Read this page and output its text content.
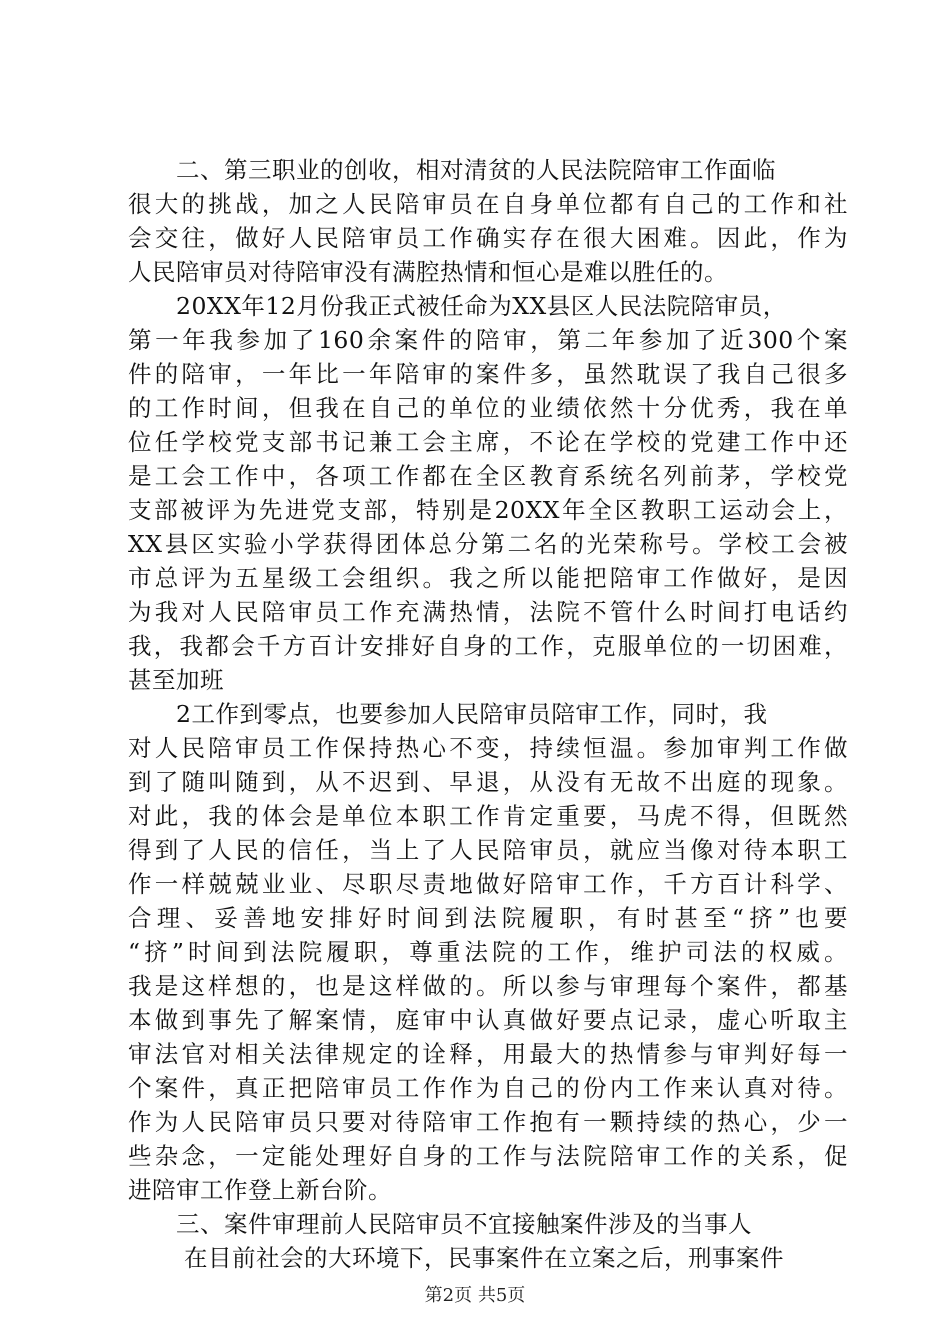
二、第三职业的创收，相对清贫的人民法院陪审工作面临
很大的挑战，加之人民陪审员在自身单位都有自己的工作和社
会交往，做好人民陪审员工作确实存在很大困难。因此，作为
人民陪审员对待陪审没有满腔热情和恒心是难以胜任的。
20XX年12月份我正式被任命为XX县区人民法院陪审员，
第一年我参加了160余案件的陪审，第二年参加了近300个案
件的陪审，一年比一年陪审的案件多，虽然耽误了我自己很多
的工作时间，但我在自己的单位的业绩依然十分优秀，我在单
位任学校党支部书记兼工会主席，不论在学校的党建工作中还
是工会工作中，各项工作都在全区教育系统名列前茅，学校党
支部被评为先进党支部，特别是20XX年全区教职工运动会上，
XX县区实验小学获得团体总分第二名的光荣称号。学校工会被
市总评为五星级工会组织。我之所以能把陪审工作做好，是因
为我对人民陪审员工作充满热情，法院不管什么时间打电话约
我，我都会千方百计安排好自身的工作，克服单位的一切困难，
甚至加班
2工作到零点，也要参加人民陪审员陪审工作，同时，我
对人民陪审员工作保持热心不变，持续恒温。参加审判工作做
到了随叫随到，从不迟到、早退，从没有无故不出庭的现象。
对此，我的体会是单位本职工作肯定重要，马虎不得，但既然
得到了人民的信任，当上了人民陪审员，就应当像对待本职工
作一样兢兢业业、尽职尽责地做好陪审工作，千方百计科学、
合理、妥善地安排好时间到法院履职，有时甚至“挤”也要
“挤”时间到法院履职，尊重法院的工作，维护司法的权威。
我是这样想的，也是这样做的。所以参与审理每个案件，都基
本做到事先了解案情，庭审中认真做好要点记录，虚心听取主
审法官对相关法律规定的诠释，用最大的热情参与审判好每一
个案件，真正把陪审员工作作为自己的份内工作来认真对待。
作为人民陪审员只要对待陪审工作抱有一颗持续的热心，少一
些杂念，一定能处理好自身的工作与法院陪审工作的关系，促
进陪审工作登上新台阶。
三、案件审理前人民陪审员不宜接触案件涉及的当事人
在目前社会的大环境下，民事案件在立案之后，刑事案件
第2页 共5页
